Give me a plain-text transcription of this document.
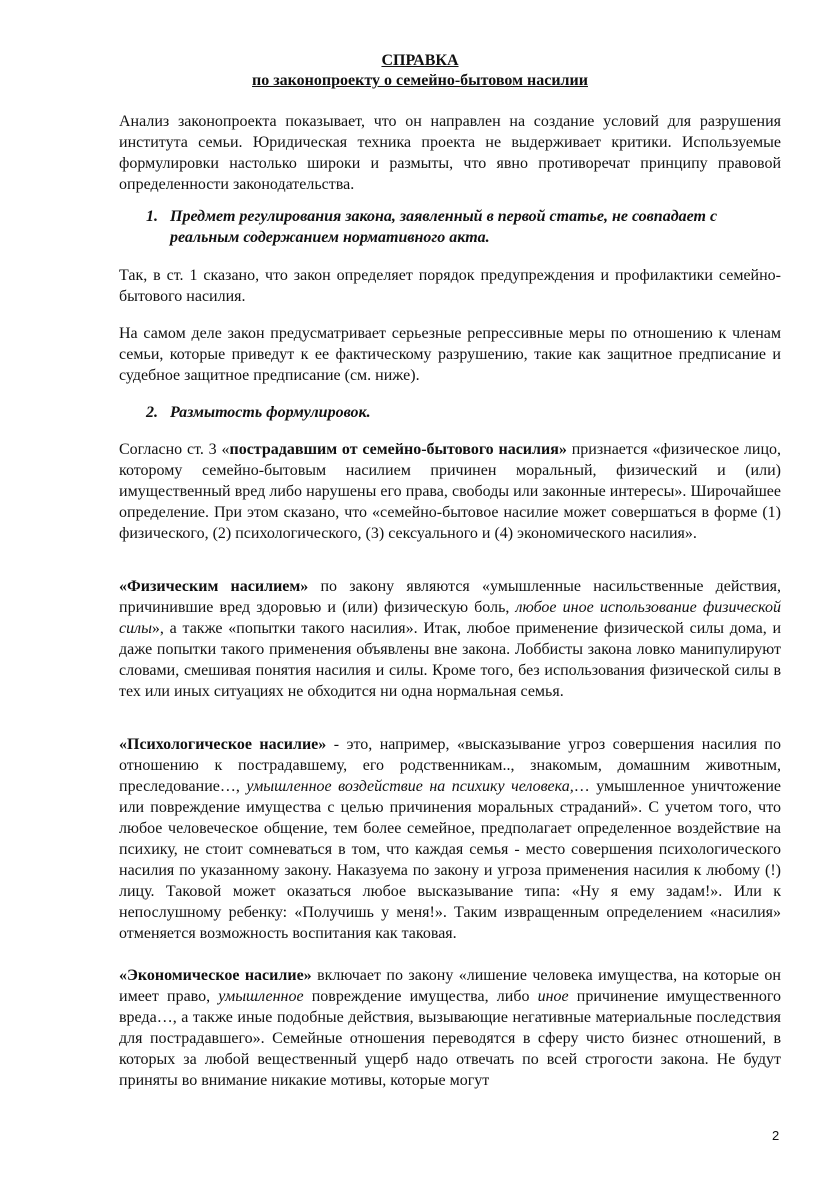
СПРАВКА
по законопроекту о семейно-бытовом насилии

Анализ законопроекта показывает, что он направлен на создание условий для разрушения института семьи. Юридическая техника проекта не выдерживает критики. Используемые формулировки настолько широки и размыты, что явно противоречат принципу правовой определенности законодательства.

1. Предмет регулирования закона, заявленный в первой статье, не совпадает с
реальным содержанием нормативного акта.

Так, в ст. 1 сказано, что закон определяет порядок предупреждения и профилактики семейно-бытового насилия.

На самом деле закон предусматривает серьезные репрессивные меры по отношению к членам семьи, которые приведут к ее фактическому разрушению, такие как защитное предписание и судебное защитное предписание (см. ниже).

2. Размытость формулировок.

Согласно ст. 3 «пострадавшим от семейно-бытового насилия» признается «физическое лицо, которому семейно-бытовым насилием причинен моральный, физический и (или) имущественный вред либо нарушены его права, свободы или законные интересы». Широчайшее определение. При этом сказано, что «семейно-бытовое насилие может совершаться в форме (1) физического, (2) психологического, (3) сексуального и (4) экономического насилия».

«Физическим насилием» по закону являются «умышленные насильственные действия, причинившие вред здоровью и (или) физическую боль, любое иное использование физической силы», а также «попытки такого насилия». Итак, любое применение физической силы дома, и даже попытки такого применения объявлены вне закона. Лоббисты закона ловко манипулируют словами, смешивая понятия насилия и силы. Кроме того, без использования физической силы в тех или иных ситуациях не обходится ни одна нормальная семья.

«Психологическое насилие» - это, например, «высказывание угроз совершения насилия по отношению к пострадавшему, его родственникам.., знакомым, домашним животным, преследование…, умышленное воздействие на психику человека,… умышленное уничтожение или повреждение имущества с целью причинения моральных страданий». С учетом того, что любое человеческое общение, тем более семейное, предполагает определенное воздействие на психику, не стоит сомневаться в том, что каждая семья - место совершения психологического насилия по указанному закону. Наказуема по закону и угроза применения насилия к любому (!) лицу. Таковой может оказаться любое высказывание типа: «Ну я ему задам!». Или к непослушному ребенку: «Получишь у меня!». Таким извращенным определением «насилия» отменяется возможность воспитания как таковая.

«Экономическое насилие» включает по закону «лишение человека имущества, на которые он имеет право, умышленное повреждение имущества, либо иное причинение имущественного вреда…, а также иные подобные действия, вызывающие негативные материальные последствия для пострадавшего». Семейные отношения переводятся в сферу чисто бизнес отношений, в которых за любой вещественный ущерб надо отвечать по всей строгости закона. Не будут приняты во внимание никакие мотивы, которые могут

2
